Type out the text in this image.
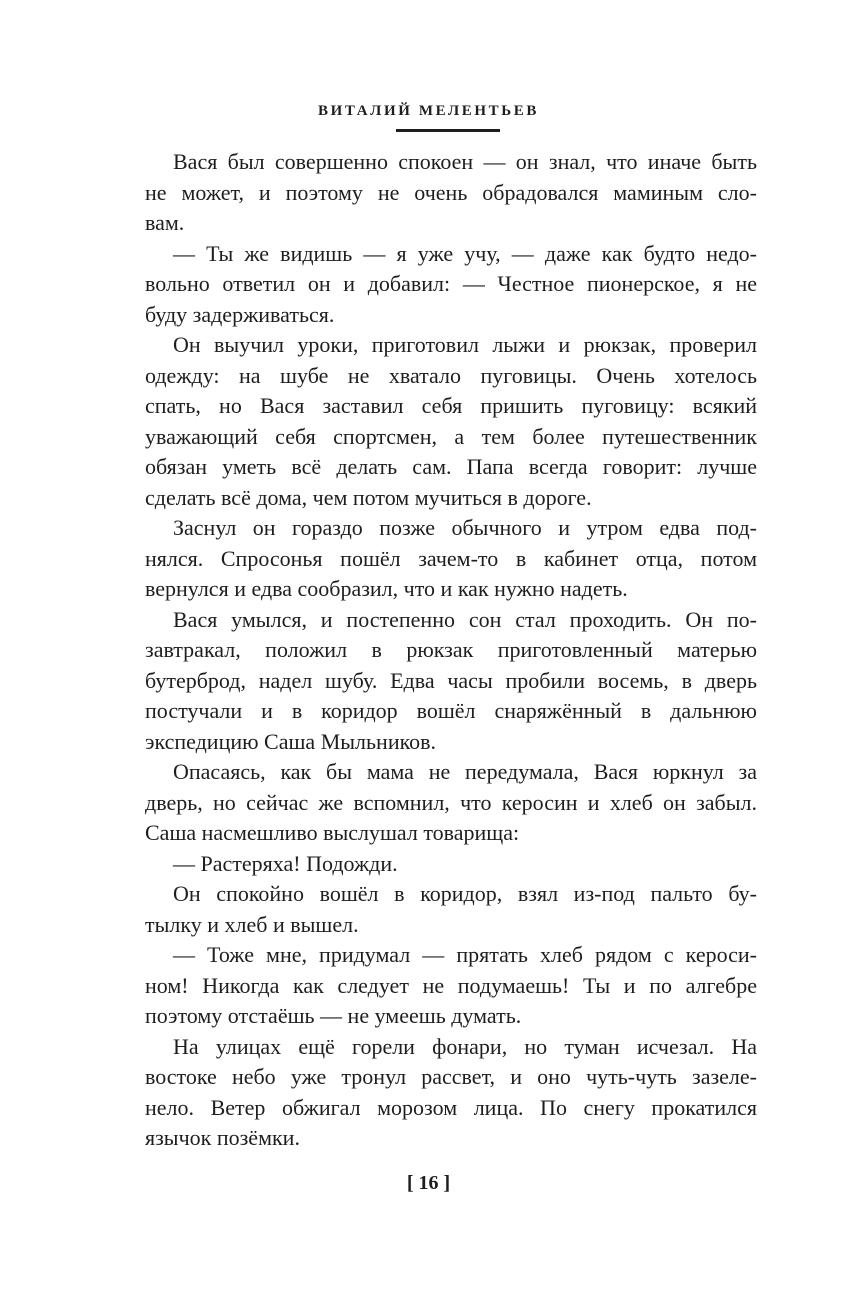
ВИТАЛИЙ МЕЛЕНТЬЕВ

Вася был совершенно спокоен — он знал, что иначе быть
не может, и поэтому не очень обрадовался маминым сло-
вам.

— Ты же видишь — я уже учу, — даже как будто недо-
вольно ответил он и добавил: — Честное пионерское, я не
буду задерживаться.

Он выучил уроки, приготовил лыжи и рюкзак, проверил
одежду: на шубе не хватало пуговицы. Очень хотелось
спать, но Вася заставил себя пришить пуговицу: всякий
уважающий себя спортсмен, а тем более путешественник
обязан уметь всё делать сам. Папа всегда говорит: лучше
сделать всё дома, чем потом мучиться в дороге.

Заснул он гораздо позже обычного и утром едва под-
нялся. Спросонья пошёл зачем-то в кабинет отца, потом
вернулся и едва сообразил, что и как нужно надеть.

Вася умылся, и постепенно сон стал проходить. Он по-
завтракал, положил в рюкзак приготовленный матерью
бутерброд, надел шубу. Едва часы пробили восемь, в дверь
постучали и в коридор вошёл снаряжённый в дальнюю
экспедицию Саша Мыльников.

Опасаясь, как бы мама не передумала, Вася юркнул за
дверь, но сейчас же вспомнил, что керосин и хлеб он забыл.
Саша насмешливо выслушал товарища:

— Растеряха! Подожди.

Он спокойно вошёл в коридор, взял из-под пальто бу-
тылку и хлеб и вышел.

— Тоже мне, придумал — прятать хлеб рядом с кероси-
ном! Никогда как следует не подумаешь! Ты и по алгебре
поэтому отстаёшь — не умеешь думать.

На улицах ещё горели фонари, но туман исчезал. На
востоке небо уже тронул рассвет, и оно чуть-чуть зазеле-
нело. Ветер обжигал морозом лица. По снегу прокатился
язычок позёмки.

[ 16 ]
